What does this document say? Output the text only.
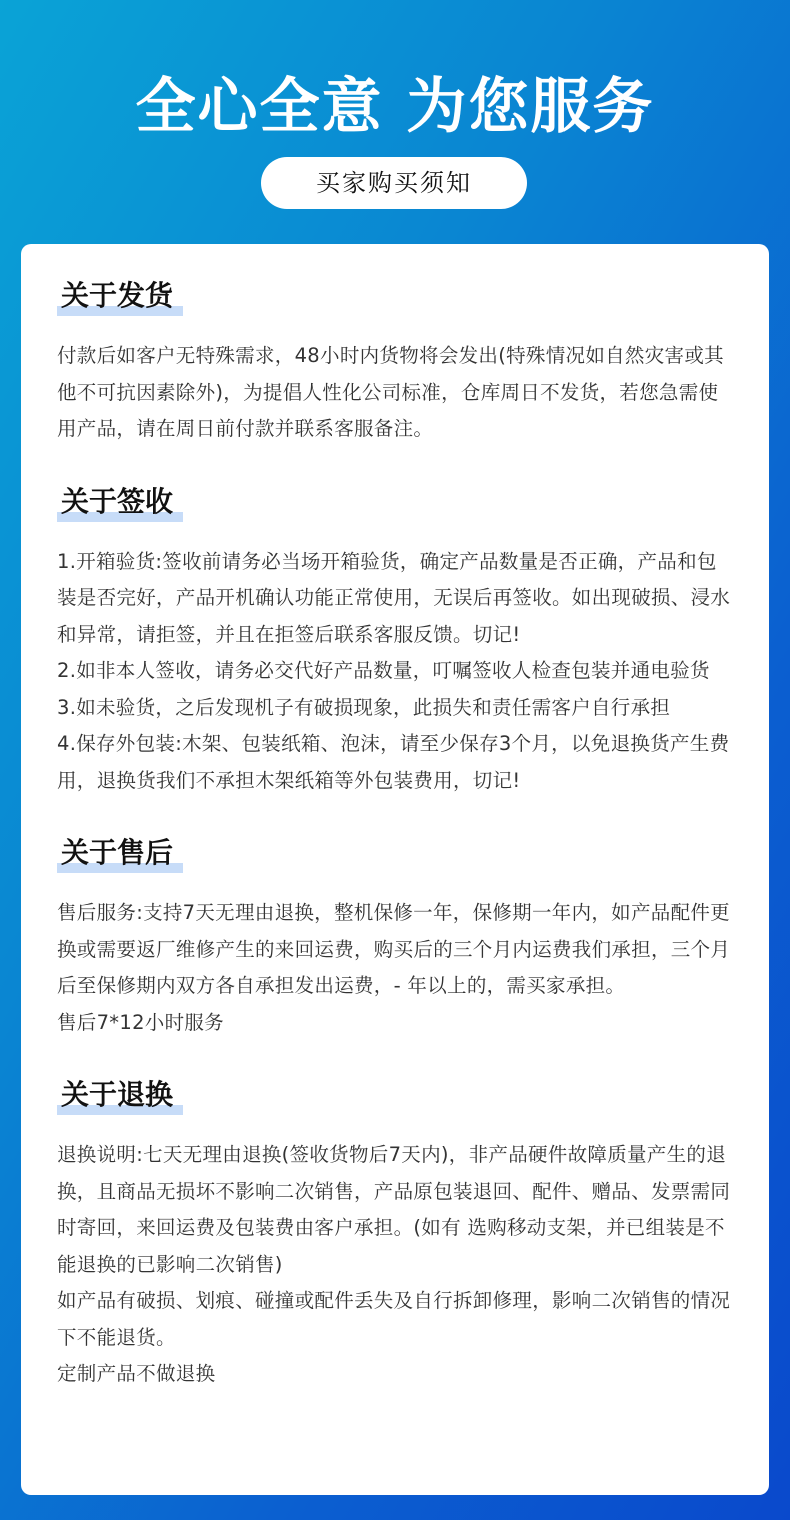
全心全意 为您服务
买家购买须知
关于发货

付款后如客户无特殊需求，48小时内货物将会发出(特殊情况如自然灾害或其他不可抗因素除外)，为提倡人性化公司标准，仓库周日不发货，若您急需使用产品，请在周日前付款并联系客服备注。

关于签收

1.开箱验货:签收前请务必当场开箱验货，确定产品数量是否正确，产品和包装是否完好，产品开机确认功能正常使用，无误后再签收。如出现破损、浸水和异常，请拒签，并且在拒签后联系客服反馈。切记!

2.如非本人签收，请务必交代好产品数量，叮嘱签收人检查包装并通电验货

3.如未验货，之后发现机子有破损现象，此损失和责任需客户自行承担

4.保存外包装:木架、包装纸箱、泡沫，请至少保存3个月，以免退换货产生费用，退换货我们不承担木架纸箱等外包装费用，切记!

关于售后

售后服务:支持7天无理由退换，整机保修一年，保修期一年内，如产品配件更换或需要返厂维修产生的来回运费，购买后的三个月内运费我们承担，三个月后至保修期内双方各自承担发出运费，- 年以上的，需买家承担。

售后7*12小时服务

关于退换

退换说明:七天无理由退换(签收货物后7天内)，非产品硬件故障质量产生的退换，且商品无损坏不影响二次销售，产品原包装退回、配件、赠品、发票需同时寄回，来回运费及包装费由客户承担。(如有 选购移动支架，并已组装是不能退换的已影响二次销售)

如产品有破损、划痕、碰撞或配件丢失及自行拆卸修理，影响二次销售的情况下不能退货。

定制产品不做退换
